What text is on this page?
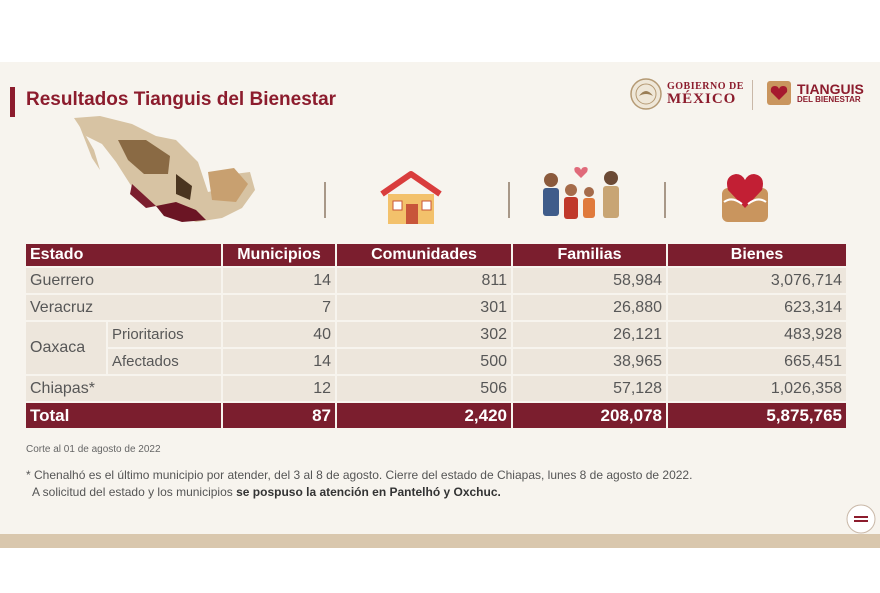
Resultados Tianguis del Bienestar
GOBIERNO DE
MÉXICO
TIANGUIS
DEL BIENESTAR
Estado		Municipios	Comunidades	Familias	Bienes
Guerrero		14	811	58,984	3,076,714
Veracruz		7	301	26,880	623,314
Oaxaca	Prioritarios	40	302	26,121	483,928
	Afectados	14	500	38,965	665,451
Chiapas*		12	506	57,128	1,026,358
Total		87	2,420	208,078	5,875,765
Corte al 01 de agosto de 2022
* Chenalhó es el último municipio por atender, del 3 al 8 de agosto. Cierre del estado de Chiapas, lunes 8 de agosto de 2022.
A solicitud del estado y los municipios se pospuso la atención en Pantelhó y Oxchuc.
